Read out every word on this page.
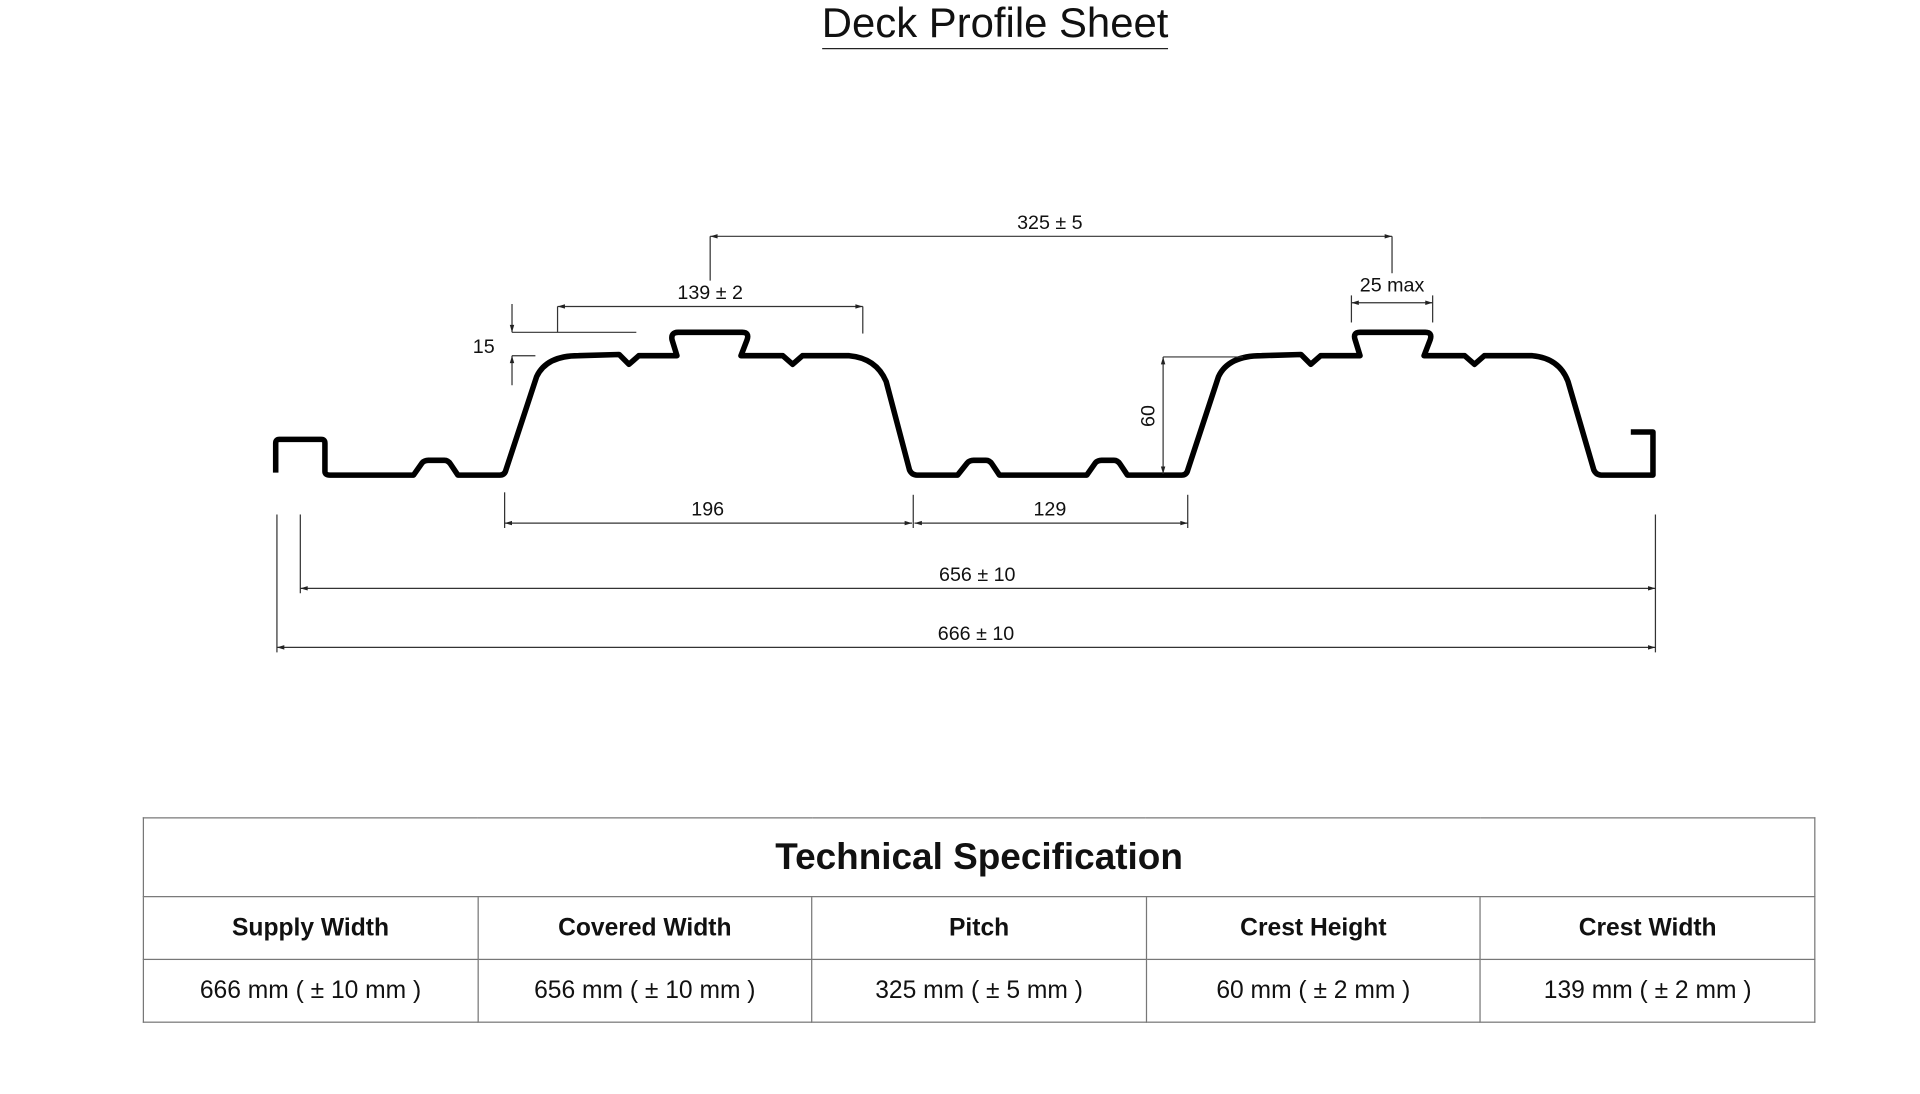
Deck Profile Sheet
325 ± 5
139 ± 2
15
25 max
60
196	129
656 ± 10
666 ± 10
Technical Specification				
Supply Width	Covered Width	Pitch	Crest Height	Crest Width
666 mm ( ± 10 mm )	656 mm ( ± 10 mm )	325 mm ( ± 5 mm )	60 mm ( ± 2 mm )	139 mm ( ± 2 mm )
